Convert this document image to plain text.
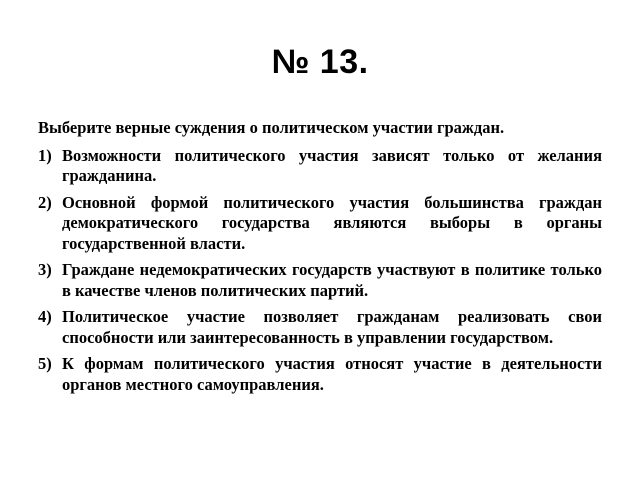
№ 13.
Выберите верные суждения о политическом участии граждан.
1) Возможности политического участия зависят только от желания гражданина.
2) Основной формой политического участия большинства граждан демократического государства являются выборы в органы государственной власти.
3) Граждане недемократических государств участвуют в политике только в качестве членов политических партий.
4) Политическое участие позволяет гражданам реализовать свои способности или заинтересованность в управлении государством.
5) К формам политического участия относят участие в деятельности органов местного самоуправления.
